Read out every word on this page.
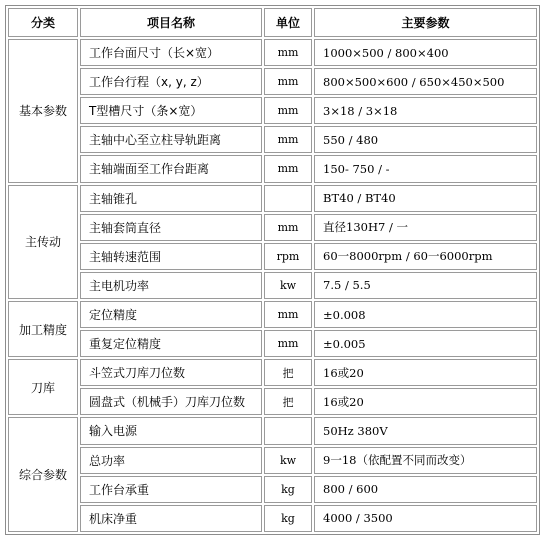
分类	项目名称	单位	主要参数
基本参数	工作台面尺寸（长×宽）	mm	1000×500 / 800×400
	工作台行程（x, y, z）	mm	800×500×600 / 650×450×500
	T型槽尺寸（条×宽）	mm	3×18 / 3×18
	主轴中心至立柱导轨距离	mm	550 / 480
	主轴端面至工作台距离	mm	150- 750 / -
主传动	主轴锥孔		BT40 / BT40
	主轴套筒直径	mm	直径130H7 / 一
	主轴转速范围	rpm	60一8000rpm / 60一6000rpm
	主电机功率	kw	7.5 / 5.5
加工精度	定位精度	mm	±0.008
	重复定位精度	mm	±0.005
刀库	斗笠式刀库刀位数	把	16或20
	圆盘式（机械手）刀库刀位数	把	16或20
综合参数	输入电源		50Hz 380V
	总功率	kw	9一18（依配置不同而改变）
	工作台承重	kg	800 / 600
	机床净重	kg	4000 / 3500
